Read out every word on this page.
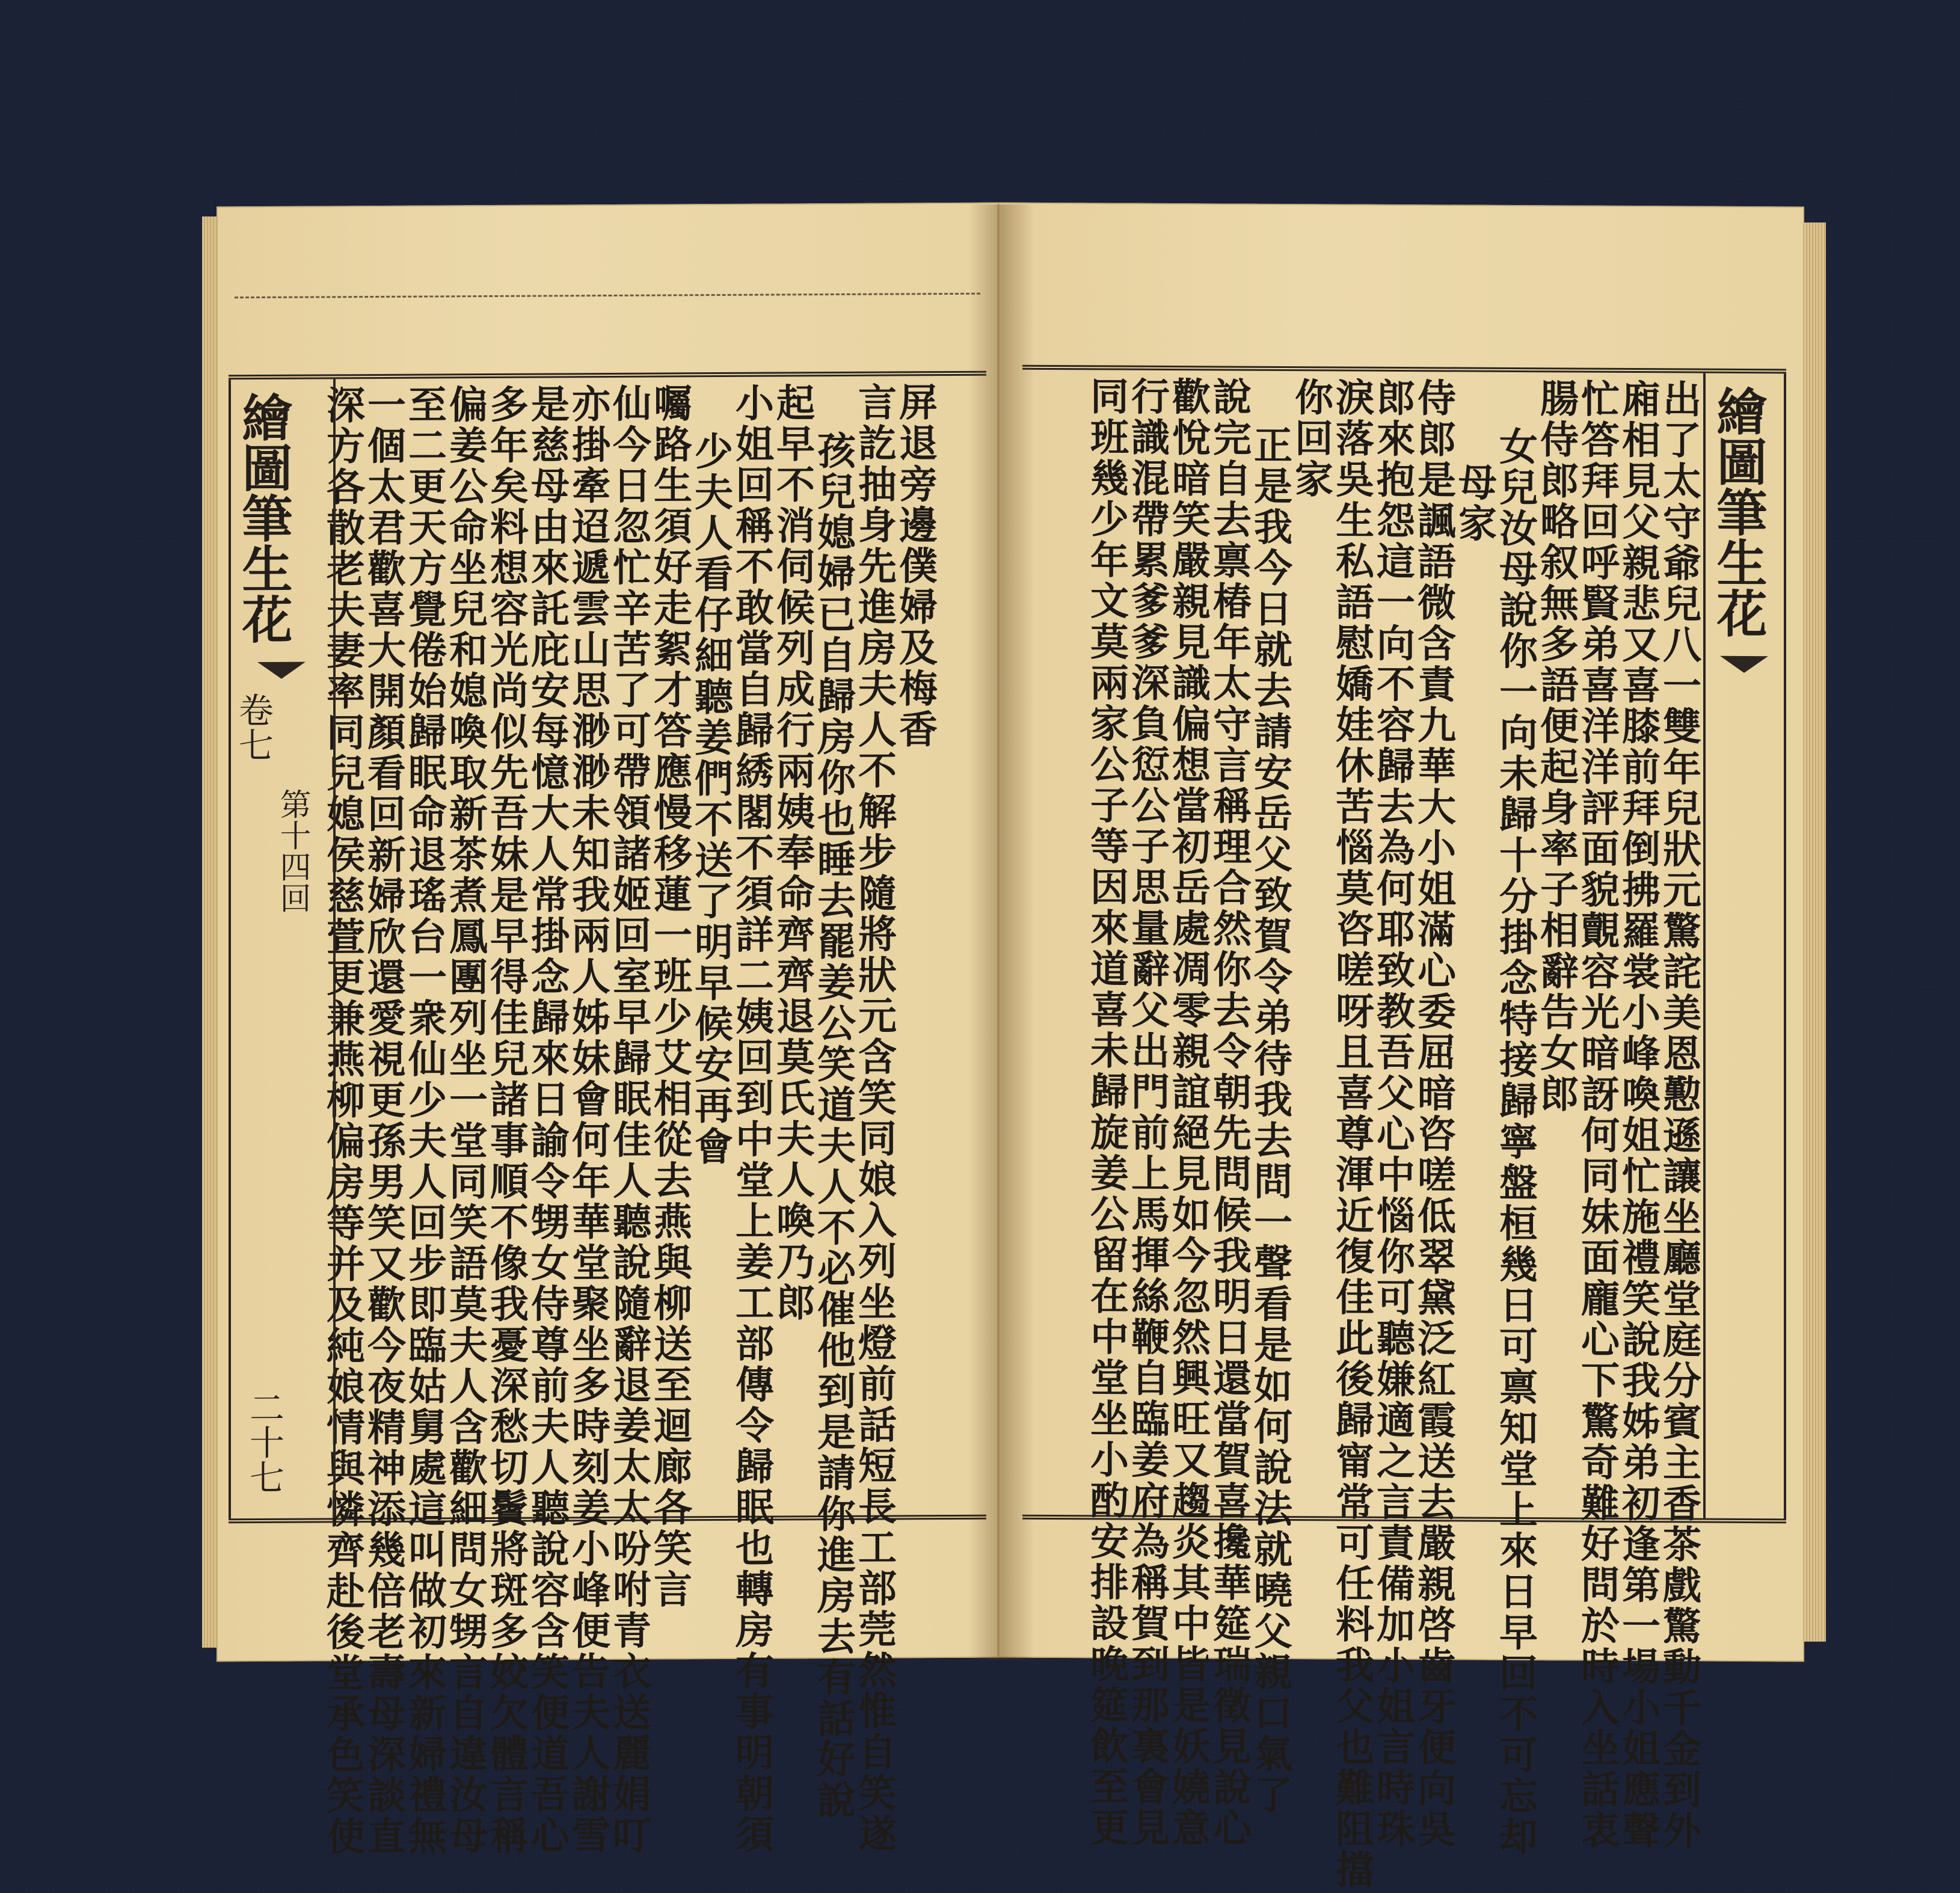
深方各散老夫妻率同兒媳侯慈萱更兼燕柳偏房等并及純娘情與憐齊赴後堂承色笑使
一個太君歡喜大開顏看回新婦欣還愛視更孫男笑又歡今夜精神添幾倍老壽母深談直
至二更天方覺倦始歸眠命退瑤台一衆仙少夫人回步即臨姑舅處這叫做初來新婦禮無
偏姜公命坐兒和媳喚取新茶煮鳳團列坐一堂同笑語莫夫人含歡細問女甥言自違汝母
多年矣料想容光尚似先吾妹是早得佳兒諸事順不像我憂深愁切鬢將斑多姣欠體言稱
是慈母由來託庇安每憶大人常掛念歸來日諭令甥女侍尊前夫人聽說容含笑便道吾心
亦掛牽迢遞雲山思渺渺未知我兩人姊妹會何年華堂聚坐多時刻姜小峰便告夫人謝雪
仙今日忽忙辛苦了可帶領諸姬回室早歸眠佳人聽說隨辭退姜太太吩咐青衣送麗娟叮
囑路生須好走絮才答應慢移蓮一班少艾相從去燕與柳送至迴廊各笑言
少夫人看仔細聽姜們不送了明早候安再會
小姐回稱不敢當自歸綉閣不須詳二姨回到中堂上姜工部傳令歸眠也轉房有事明朝須
起早不消伺候列成行兩姨奉命齊齊退莫氏夫人喚乃郎
孩兒媳婦已自歸房你也睡去罷姜公笑道夫人不必催他到是請你進房去有話好說
言訖抽身先進房夫人不解步隨將狀元含笑同娘入列坐燈前話短長工部莞然惟自笑遂
屏退旁邊僕婦及梅香
繪圖筆生花
卷七
第十四回
二十七	出了太守爺兒八一雙年兒狀元驚詫美恩懃遜讓坐廳堂庭分賓主香茶戲驚動千金到外
廂相見父親悲又喜膝前拜倒拂羅裳小峰喚姐忙施禮笑說我姊弟初逢第一場小姐應聲
忙答拜回呼賢弟喜洋洋評面貌覿容光暗訝何同妹面龐心下驚奇難好問於時入坐話衷
腸侍郎略叙無多語便起身率子相辭告女郎
女兒汝母說你一向未歸十分掛念特接歸寧盤桓幾日可禀知堂上來日早回不可忘却
母家
侍郎是諷語微含責九華大小姐滿心委屈暗咨嗟低翠黛泛紅霞送去嚴親啓齒牙便向吳
郎來抱怨這一向不容歸去為何耶致教吾父心中惱你可聽嫌適之言責備加小姐言時珠
淚落吳生私語慰嬌娃休苦惱莫咨嗟呀且喜尊渾近復佳此後歸甯常可任料我父也難阻擋
你回家
正是我今日就去請安岳父致賀令弟待我去問一聲看是如何說法就曉父親口氣了
說完自去禀椿年太守言稱理合然你去令朝先問候我明日還當賀喜攙華筵瑞徵見說心
歡悅暗笑嚴親見識偏想當初岳處凋零親誼絕見如今忽然興旺又趨炎其中皆是妖嬈意
行識混帶累爹爹深負愆公子思量辭父出門前上馬揮絲鞭自臨姜府為稱賀到那裏會見
同班幾少年文莫兩家公子等因來道喜未歸旋姜公留在中堂坐小酌安排設晚筵飲至更	繪圖筆生花
